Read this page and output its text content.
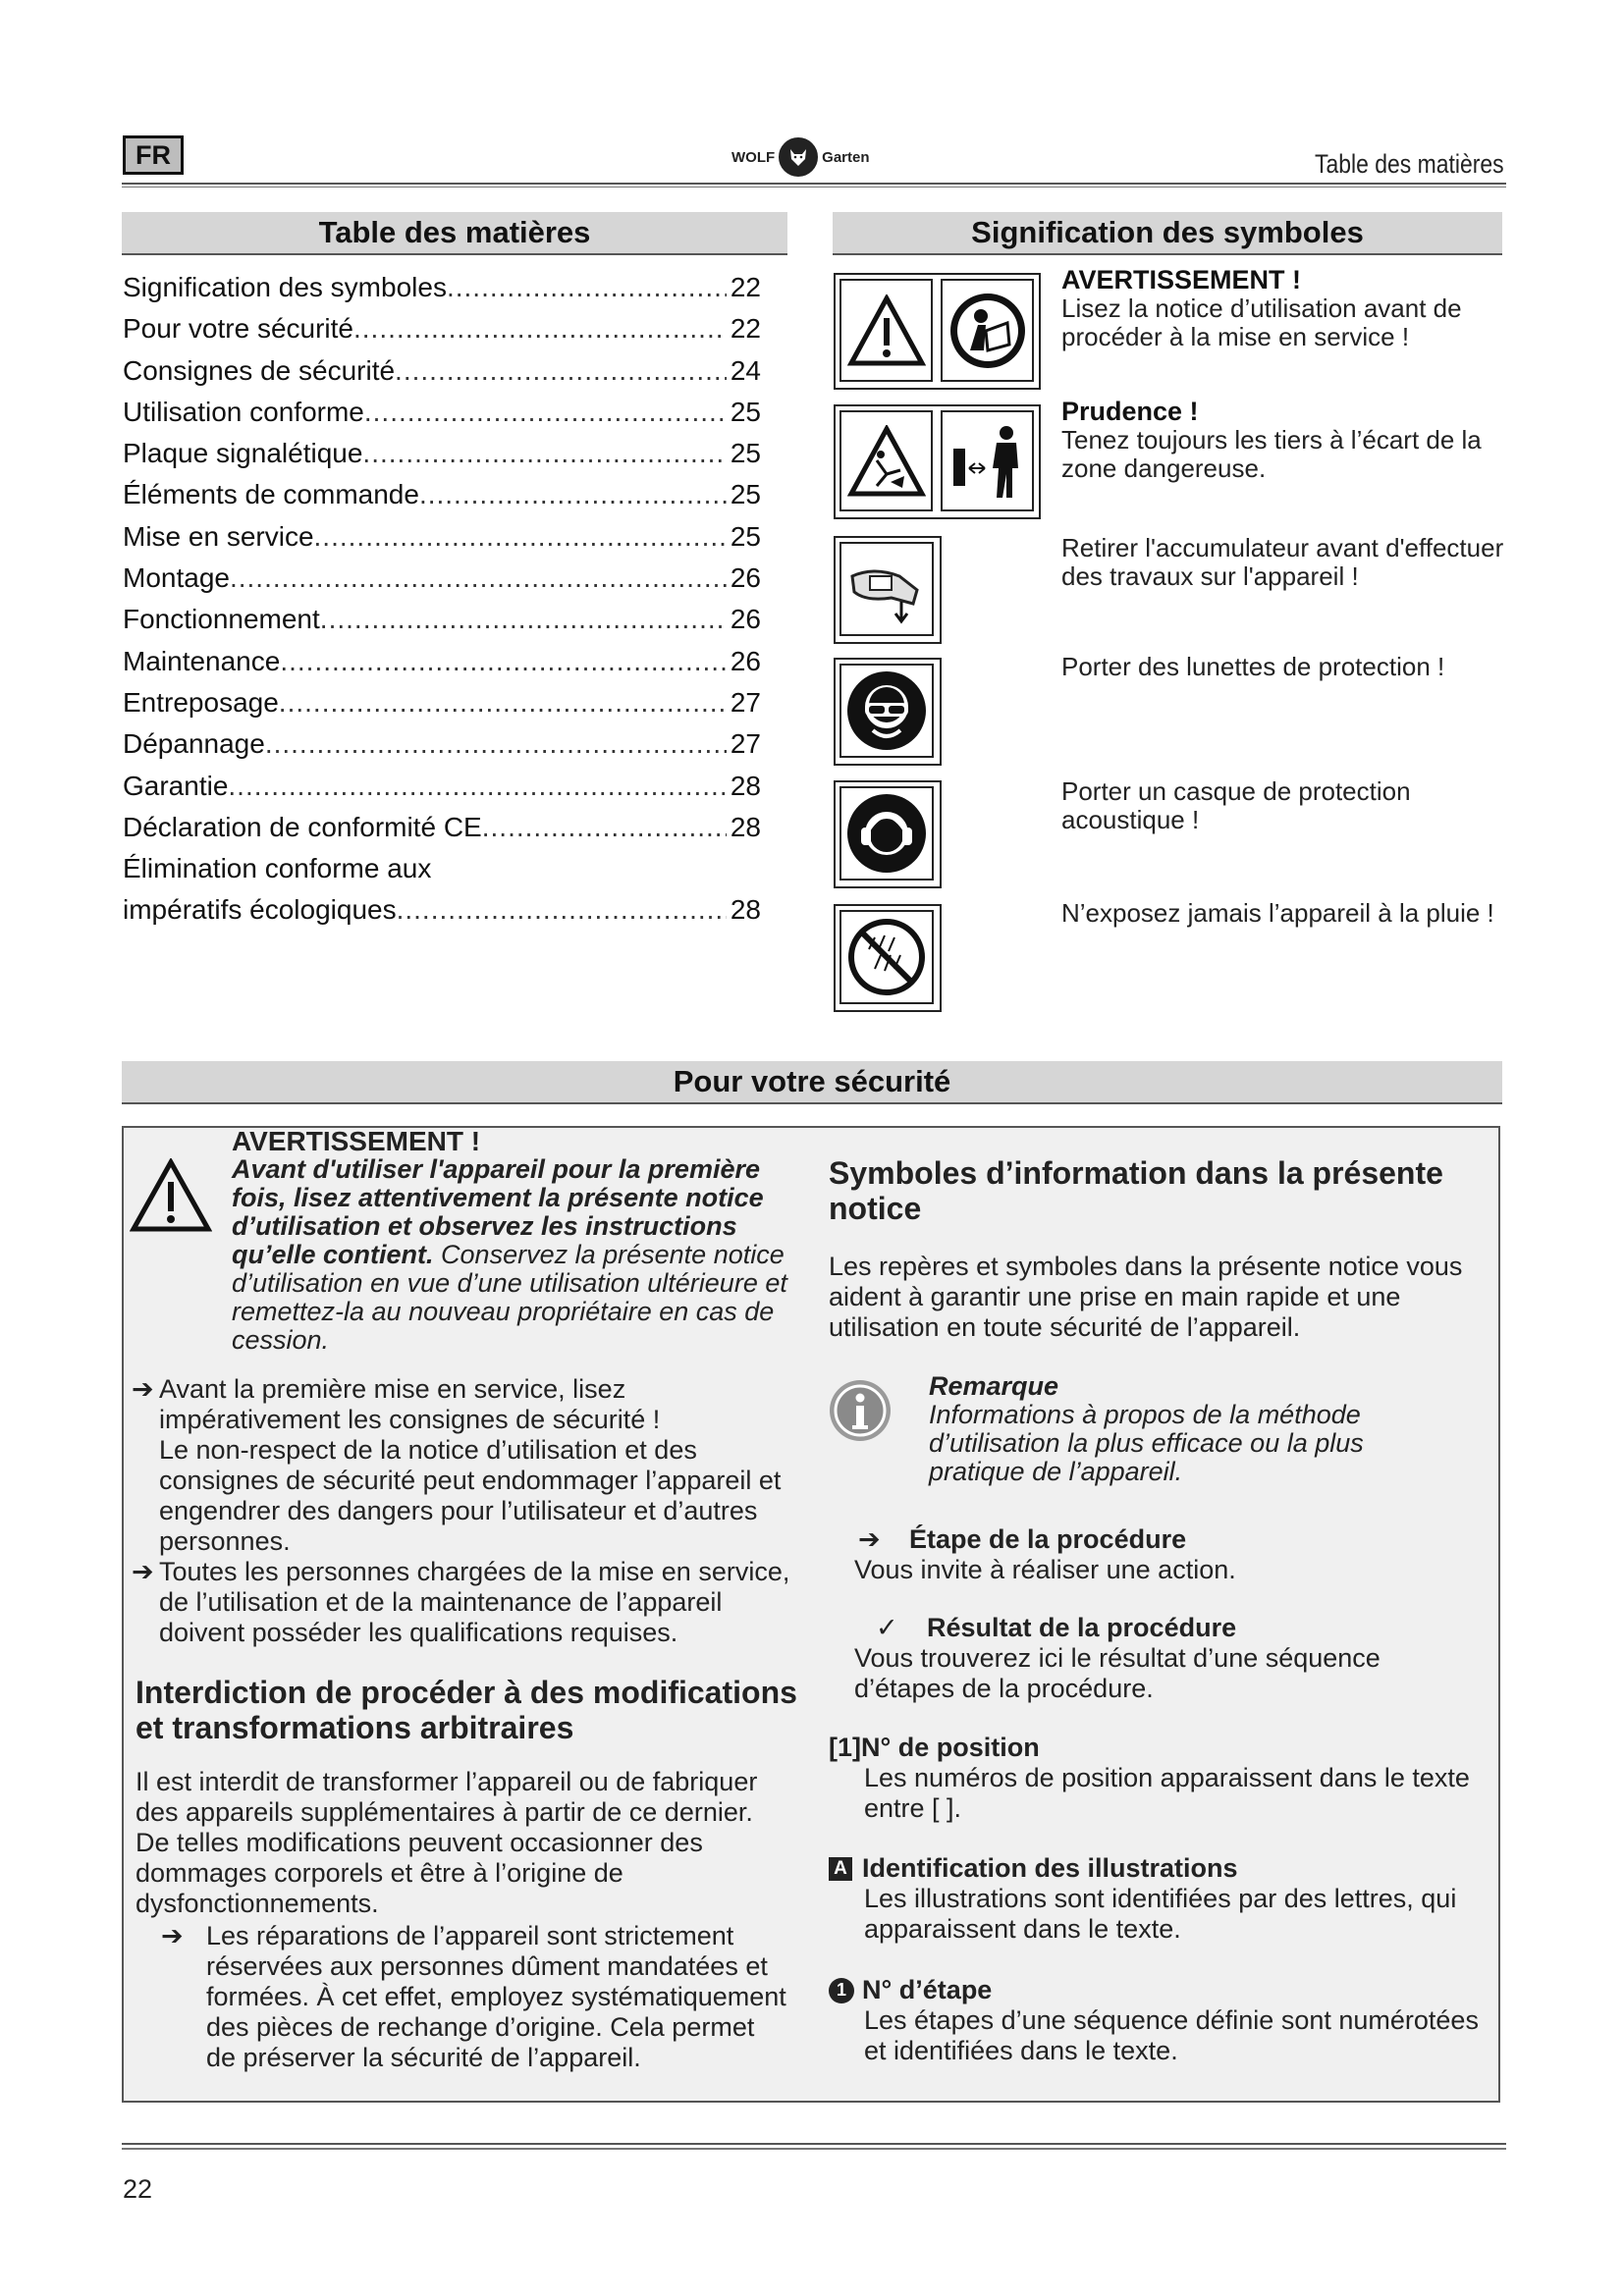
FR	WOLF	Garten	Table des matières
Table des matières
Signification des symboles .....	22
Pour votre sécurité .....	22
Consignes de sécurité .....	24
Utilisation conforme .....	25
Plaque signalétique .....	25
Éléments de commande .....	25
Mise en service .....	25
Montage .....	26
Fonctionnement .....	26
Maintenance .....	26
Entreposage .....	27
Dépannage .....	27
Garantie .....	28
Déclaration de conformité CE .....	28
Élimination conforme aux
impératifs écologiques .....	28
Signification des symboles
AVERTISSEMENT !
Lisez la notice d’utilisation avant de procéder à la mise en service !
Prudence !
Tenez toujours les tiers à l’écart de la zone dangereuse.
Retirer l'accumulateur avant d'effectuer des travaux sur l'appareil !
Porter des lunettes de protection !
Porter un casque de protection acoustique !
N’exposez jamais l’appareil à la pluie !
Pour votre sécurité
AVERTISSEMENT !
Avant d'utiliser l'appareil pour la première fois, lisez attentivement la présente notice d’utilisation et observez les instructions qu’elle contient. Conservez la présente notice d’utilisation en vue d’une utilisation ultérieure et remettez-la au nouveau propriétaire en cas de cession.
➔ Avant la première mise en service, lisez impérativement les consignes de sécurité !
Le non-respect de la notice d’utilisation et des consignes de sécurité peut endommager l’appareil et engendrer des dangers pour l’utilisateur et d’autres personnes.
➔ Toutes les personnes chargées de la mise en service, de l’utilisation et de la maintenance de l’appareil doivent posséder les qualifications requises.
Interdiction de procéder à des modifications et transformations arbitraires
Il est interdit de transformer l’appareil ou de fabriquer des appareils supplémentaires à partir de ce dernier. De telles modifications peuvent occasionner des dommages corporels et être à l’origine de dysfonctionnements.
➔ Les réparations de l’appareil sont strictement réservées aux personnes dûment mandatées et formées. À cet effet, employez systématiquement des pièces de rechange d’origine. Cela permet de préserver la sécurité de l’appareil.
Symboles d’information dans la présente notice
Les repères et symboles dans la présente notice vous aident à garantir une prise en main rapide et une utilisation en toute sécurité de l’appareil.
Remarque
Informations à propos de la méthode d’utilisation la plus efficace ou la plus pratique de l’appareil.
➔ Étape de la procédure
Vous invite à réaliser une action.
✓ Résultat de la procédure
Vous trouverez ici le résultat d’une séquence d’étapes de la procédure.
[1]N° de position
Les numéros de position apparaissent dans le texte entre [ ].
A Identification des illustrations
Les illustrations sont identifiées par des lettres, qui apparaissent dans le texte.
1 N° d’étape
Les étapes d’une séquence définie sont numérotées et identifiées dans le texte.
22
